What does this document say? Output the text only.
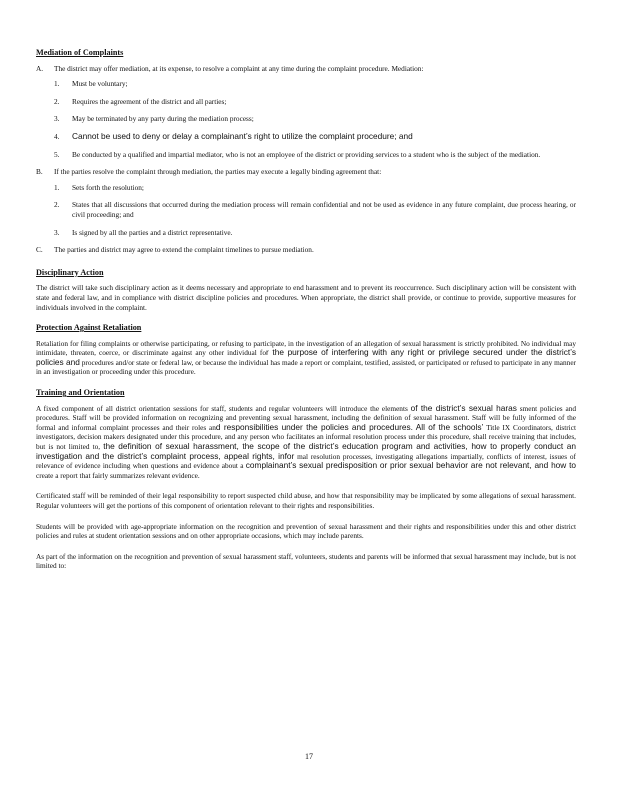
Mediation of Complaints
A.	The district may offer mediation, at its expense, to resolve a complaint at any time during the complaint procedure. Mediation:
1.	Must be voluntary;
2.	Requires the agreement of the district and all parties;
3.	May be terminated by any party during the mediation process;
4.	Cannot be used to deny or delay a complainant’s right to utilize the complaint procedure; and
5.	Be conducted by a qualified and impartial mediator, who is not an employee of the district or providing services to a student who is the subject of the mediation.
B.	If the parties resolve the complaint through mediation, the parties may execute a legally binding agreement that:
1.	Sets forth the resolution;
2.	States that all discussions that occurred during the mediation process will remain confidential and not be used as evidence in any future complaint, due process hearing, or civil proceeding; and
3.	Is signed by all the parties and a district representative.
C.	The parties and district may agree to extend the complaint timelines to pursue mediation.
Disciplinary Action
The district will take such disciplinary action as it deems necessary and appropriate to end harassment and to prevent its reoccurrence. Such disciplinary action will be consistent with state and federal law, and in compliance with district discipline policies and procedures. When appropriate, the district shall provide, or continue to provide, supportive measures for individuals involved in the complaint.
Protection Against Retaliation
Retaliation for filing complaints or otherwise participating, or refusing to participate, in the investigation of an allegation of sexual harassment is strictly prohibited. No individual may intimidate, threaten, coerce, or discriminate against any other individual for the purpose of interfering with any right or privilege secured under the district’s policies and procedures and/or state or federal law, or because the individual has made a report or complaint, testified, assisted, or participated or refused to participate in any manner in an investigation or proceeding under this procedure.
Training and Orientation
A fixed component of all district orientation sessions for staff, students and regular volunteers will introduce the elements of the district’s sexual haras sment policies and procedures. Staff will be provided information on recognizing and preventing sexual harassment, including the definition of sexual harassment. Staff will be fully informed of the formal and informal complaint processes and their roles and responsibilities under the policies and procedures. All of the schools’ Title IX Coordinators, district investigators, decision makers designated under this procedure, and any person who facilitates an informal resolution process under this procedure, shall receive training that includes, but is not limited to, the definition of sexual harassment, the scope of the district’s education program and activities, how to properly conduct an investigation and the district’s complaint process, appeal rights, infor mal resolution processes, investigating allegations impartially, conflicts of interest, issues of relevance of evidence including when questions and evidence about a complainant’s sexual predisposition or prior sexual behavior are not relevant, and how to create a report that fairly summarizes relevant evidence.
Certificated staff will be reminded of their legal responsibility to report suspected child abuse, and how that responsibility may be implicated by some allegations of sexual harassment. Regular volunteers will get the portions of this component of orientation relevant to their rights and responsibilities.
Students will be provided with age-appropriate information on the recognition and prevention of sexual harassment and their rights and responsibilities under this and other district policies and rules at student orientation sessions and on other appropriate occasions, which may include parents.
As part of the information on the recognition and prevention of sexual harassment staff, volunteers, students and parents will be informed that sexual harassment may include, but is not limited to:
17
